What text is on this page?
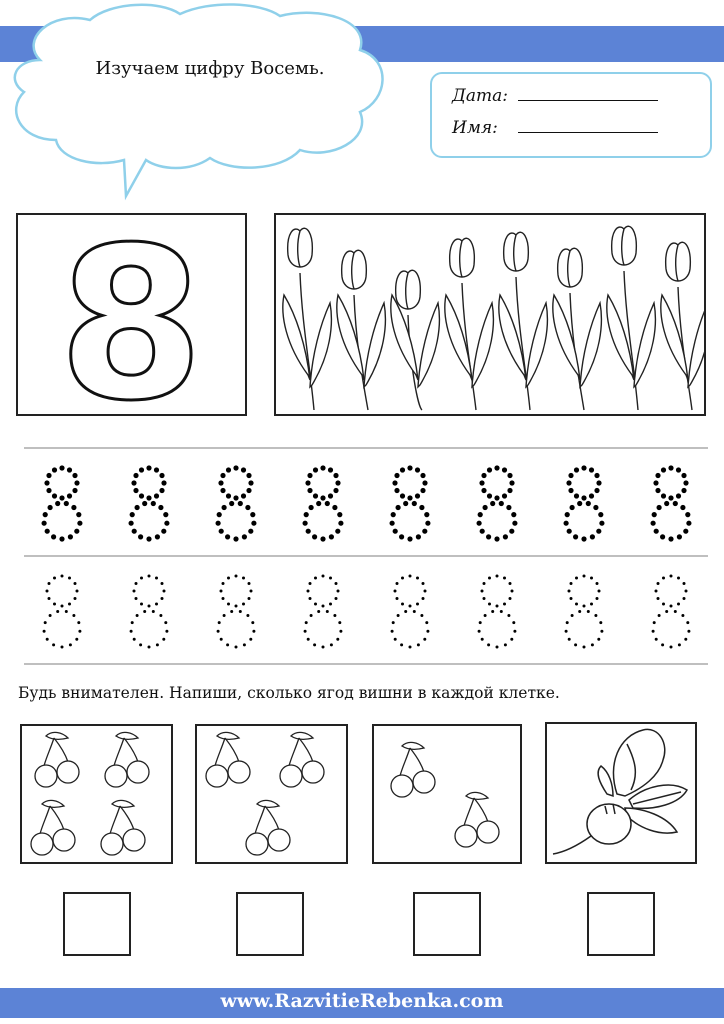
Изучаем цифру Восемь.
Дата:
Имя:
8
Будь внимателен. Напиши, сколько ягод вишни в каждой клетке.
www.RazvitieRebenka.com
